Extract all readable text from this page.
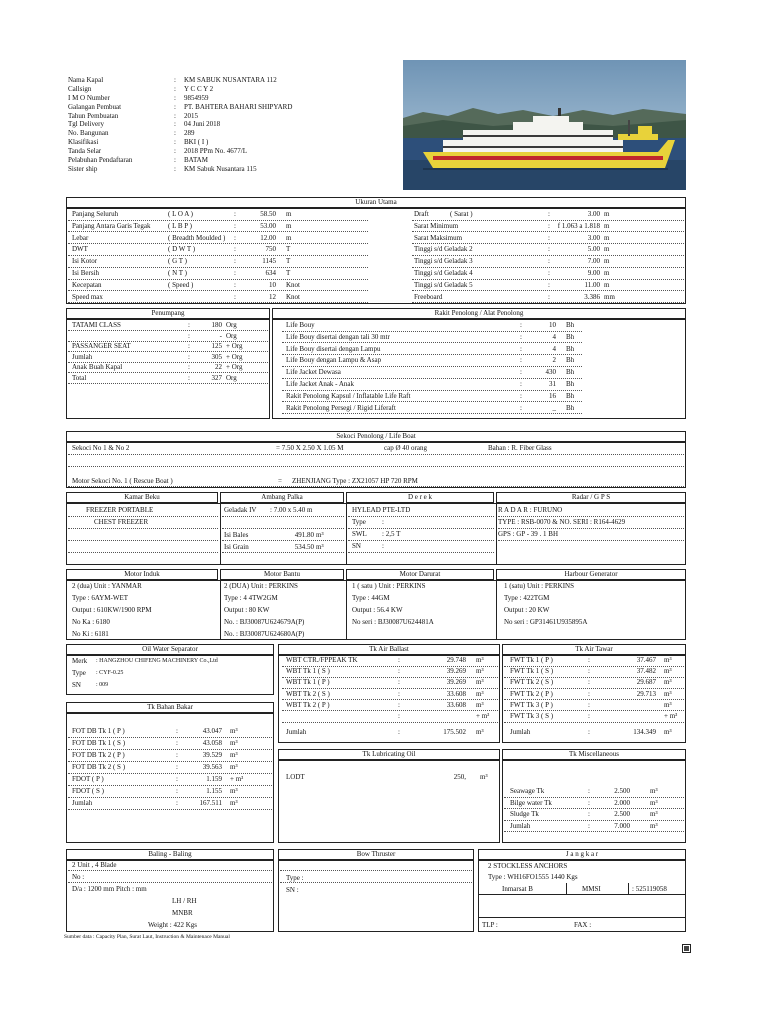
Nama Kapal	:	KM SABUK NUSANTARA 112
Callsign	:	Y C C Y 2
I M O Number	:	9854959
Galangan Pembuat	:	PT. BAHTERA BAHARI SHIPYARD
Tahun Pembuatan	:	2015
Tgl Delivery	:	04 Juni 2018
No. Bangunan	:	289
Klasifikasi	:	BKI ( I )
Tanda Selar	:	2018 PPm No. 4677/L
Pelabuhan Pendaftaran	:	BATAM
Sister ship	:	KM Sabuk Nusantara 115
Ukuran Utama
Panjang Seluruh	( L O A )	:	58.50 m
Panjang Antara Garis Tegak	( L B P )	:	53.00 m
Lebar	( Breadth Moulded ) :	12.00 m
DWT	( D W T )	:	750 T
Isi Kotor	( G T )	:	1145 T
Isi Bersih	( N T )	:	634 T
Kecepatan	( Speed )	:	10 Knot
Speed max	:	12 Knot
Draft	( Sarat )	:	3.00 m
Sarat Minimum	:	f 1.063 a 1.818 m
Sarat Maksimum	:	3.00 m
Tinggi s/d Geladak 2	:	5.00 m
Tinggi s/d Geladak 3	:	7.00 m
Tinggi s/d Geladak 4	:	9.00 m
Tinggi s/d Geladak 5	:	11.00 m
Freeboard	:	3.386 mm
Penumpang
TATAMI CLASS	:	180 Org
:	- Org
PASSANGER SEAT	:	125 + Org
Jumlah	:	305 + Org
Anak Buah Kapal	:	22 + Org
Total	:	327 Org
Rakit Penolong / Alat Penolong
Life Bouy	:	10 Bh
Life Bouy disertai dengan tali 30 mtr	:	4 Bh
Life Bouy disertai dengan Lampu	:	4 Bh
Life Bouy dengan Lampu & Asap	:	2 Bh
Life Jacket Dewasa	:	430 Bh
Life Jacket Anak - Anak	:	31 Bh
Rakit Penolong Kapsul / Inflatable Life Raft	:	16 Bh
Rakit Penolong Persegi / Rigid Liferaft	:	_ Bh
Sekoci Penolong / Life Boat
Sekoci No 1 & No 2	= 7.50 X 2.50 X 1.05 M	cap Ø 40 orang	Bahan : R. Fiber Glass
Motor Sekoci No. 1 ( Rescue Boat )	= ZHENJIANG Type : ZX21057 HP 720 RPM
Kamar Beku	Ambang Palka	D e r e k	Radar / G P S
FREEZER PORTABLE
CHEST FREEZER
Geladak IV : 7.00 x 5.40 m
Isi Bales	491.80 m³
Isi Grain	534.50 m³
HYLEAD PTE-LTD
Type :
SWL : 2,5 T
SN	:
R A D A R : FURUNO
TYPE : RSB-0070 & NO. SERI : R164-4629
GPS : GP - 39 . 1 BH
Motor Induk	Motor Bantu	Motor Darurat	Harbour Generator
2 (dua) Unit : YANMAR
Type : 6AYM-WET
Output : 610KW/1900 RPM
No Ka : 6180
No Ki : 6181
2 (DUA) Unit : PERKINS
Type : 4 4TW2GM
Output : 80 KW
No. : BJ30087U624679A(P)
No. : BJ30087U624680A(P)
1 ( satu ) Unit : PERKINS
Type : 44GM
Output : 56.4 KW
No seri : BJ30087U624481A
1 (satu) Unit : PERKINS
Type : 422TGM
Output : 20 KW
No seri : GP31461U935895A
Oil Water Separator
Merk : HANGZHOU CHIFENG MACHINERY Co.,Ltd
Type : CYF-0.25
SN	: 009
Tk Bahan Bakar
FOT DB Tk 1 ( P )	:	43.047 m³
FOT DB Tk 1 ( S )	:	43.058 m³
FOT DB Tk 2 ( P )	:	39.529 m³
FOT DB Tk 2 ( S )	:	39.563 m³
FDOT ( P )	:	1.159 + m³
FDOT ( S )	:	1.155 m³
Jumlah	:	167.511 m³
Tk Air Ballast
WBT CTR./FPPEAK TK	:	29.748 m³
WBT Tk 1 ( S )	:	39.269 m³
WBT Tk 1 ( P )	:	39.269 m³
WBT Tk 2 ( S )	:	33.608 m³
WBT Tk 2 ( P )	:	33.608 m³
:	+ m³
Jumlah	:	175.502 m³
Tk Air Tawar
FWT Tk 1 ( P )	:	37.467 m³
FWT Tk 1 ( S )	:	37.482 m³
FWT Tk 2 ( S )	:	29.687 m³
FWT Tk 2 ( P )	:	29.713 m³
FWT Tk 3 ( P )	:	m³
FWT Tk 3 ( S )	:	+ m³
Jumlah	:	134.349 m³
Tk Lubricating Oil
LODT	250, m³
Tk Miscellaneous
Seawage Tk	:	2.500	m³
Bilge water Tk	:	2.000	m³
Sludge Tk	:	2.500	m³
Jumlah	:	7.000	m³
Baling - Baling
2 Unit , 4 Blade
No :
D/a : 1200 mm Pitch : mm
LH / RH
MNBR
Weight : 422 Kgs
Bow Thruster
Type :
SN :
J a n g k a r
2 STOCKLESS ANCHORS
Type : WH16FO1555 1440 Kgs
Inmarsat B	MMSI	: 525119058
TLP :	FAX :
Sumber data : Capacity Plan, Surat Laut, Instruction & Maintenace Manual
